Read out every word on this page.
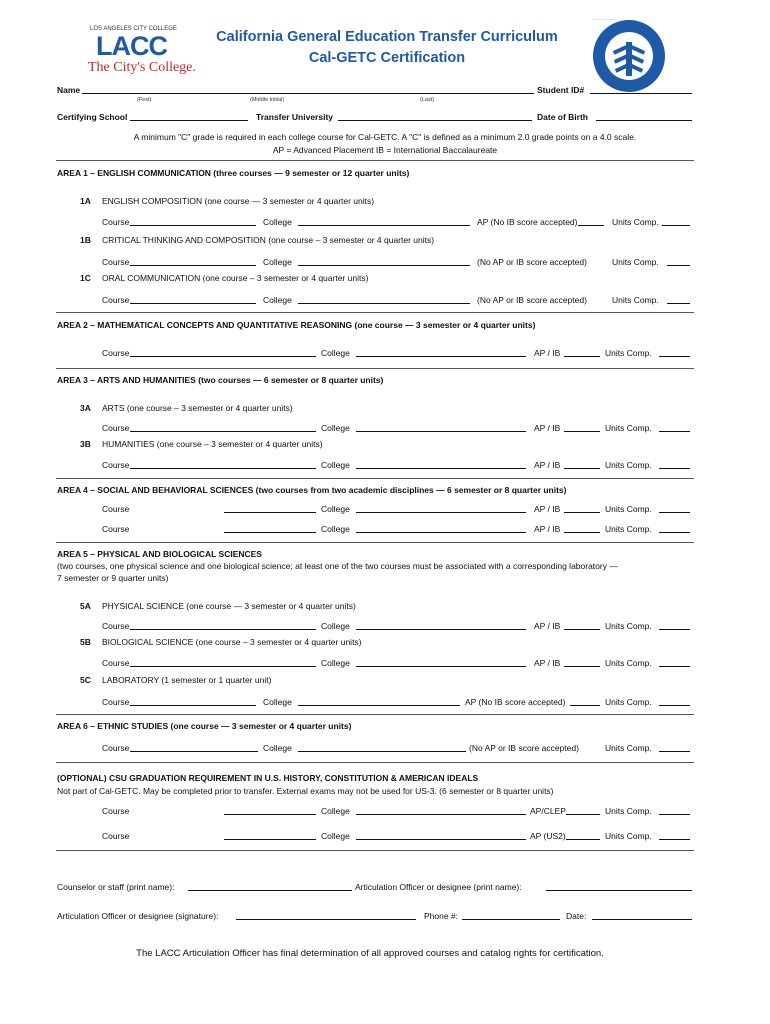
LOS ANGELES CITY COLLEGE
LACC
The City's College.
California General Education Transfer Curriculum
Cal-GETC Certification
LOS ANGELES COMMUNITY COLLEGE DISTRICT
Name
(First)	(Middle Initial)	(Last)
Student ID#
Certifying School	Transfer University	Date of Birth
A minimum "C" grade is required in each college course for Cal-GETC. A "C" is defined as a minimum 2.0 grade points on a 4.0 scale.
AP = Advanced Placement IB = International Baccalaureate
AREA 1 – ENGLISH COMMUNICATION (three courses — 9 semester or 12 quarter units)
1A ENGLISH COMPOSITION (one course — 3 semester or 4 quarter units)
Course	College	AP (No IB score accepted)	Units Comp.
1B CRITICAL THINKING AND COMPOSITION (one course – 3 semester or 4 quarter units)
Course	College	(No AP or IB score accepted)	Units Comp.
1C ORAL COMMUNICATION (one course – 3 semester or 4 quarter units)
Course	College	(No AP or IB score accepted)	Units Comp.
AREA 2 – MATHEMATICAL CONCEPTS AND QUANTITATIVE REASONING (one course — 3 semester or 4 quarter units)
Course	College	AP / IB	Units Comp.
AREA 3 – ARTS AND HUMANITIES (two courses — 6 semester or 8 quarter units)
3A ARTS (one course – 3 semester or 4 quarter units)
Course	College	AP / IB	Units Comp.
3B HUMANITIES (one course – 3 semester or 4 quarter units)
Course	College	AP / IB	Units Comp.
AREA 4 – SOCIAL AND BEHAVIORAL SCIENCES (two courses from two academic disciplines — 6 semester or 8 quarter units)
Course	College	AP / IB	Units Comp.
Course	College	AP / IB	Units Comp.
AREA 5 – PHYSICAL AND BIOLOGICAL SCIENCES
(two courses, one physical science and one biological science; at least one of the two courses must be associated with a corresponding laboratory —
7 semester or 9 quarter units)
5A PHYSICAL SCIENCE (one course — 3 semester or 4 quarter units)
Course	College	AP / IB	Units Comp.
5B BIOLOGICAL SCIENCE (one course – 3 semester or 4 quarter units)
Course	College	AP / IB	Units Comp.
5C LABORATORY (1 semester or 1 quarter unit)
Course	College	AP (No IB score accepted)	Units Comp.
AREA 6 – ETHNIC STUDIES (one course — 3 semester or 4 quarter units)
Course	College	(No AP or IB score accepted)	Units Comp.
(OPTIONAL) CSU GRADUATION REQUIREMENT IN U.S. HISTORY, CONSTITUTION & AMERICAN IDEALS
Not part of Cal-GETC. May be completed prior to transfer. External exams may not be used for US-3. (6 semester or 8 quarter units)
Course	College	AP/CLEP	Units Comp.
Course	College	AP (US2)	Units Comp.
Counselor or staff (print name):	Articulation Officer or designee (print name):
Articulation Officer or designee (signature):	Phone #:	Date:
The LACC Articulation Officer has final determination of all approved courses and catalog rights for certification.
